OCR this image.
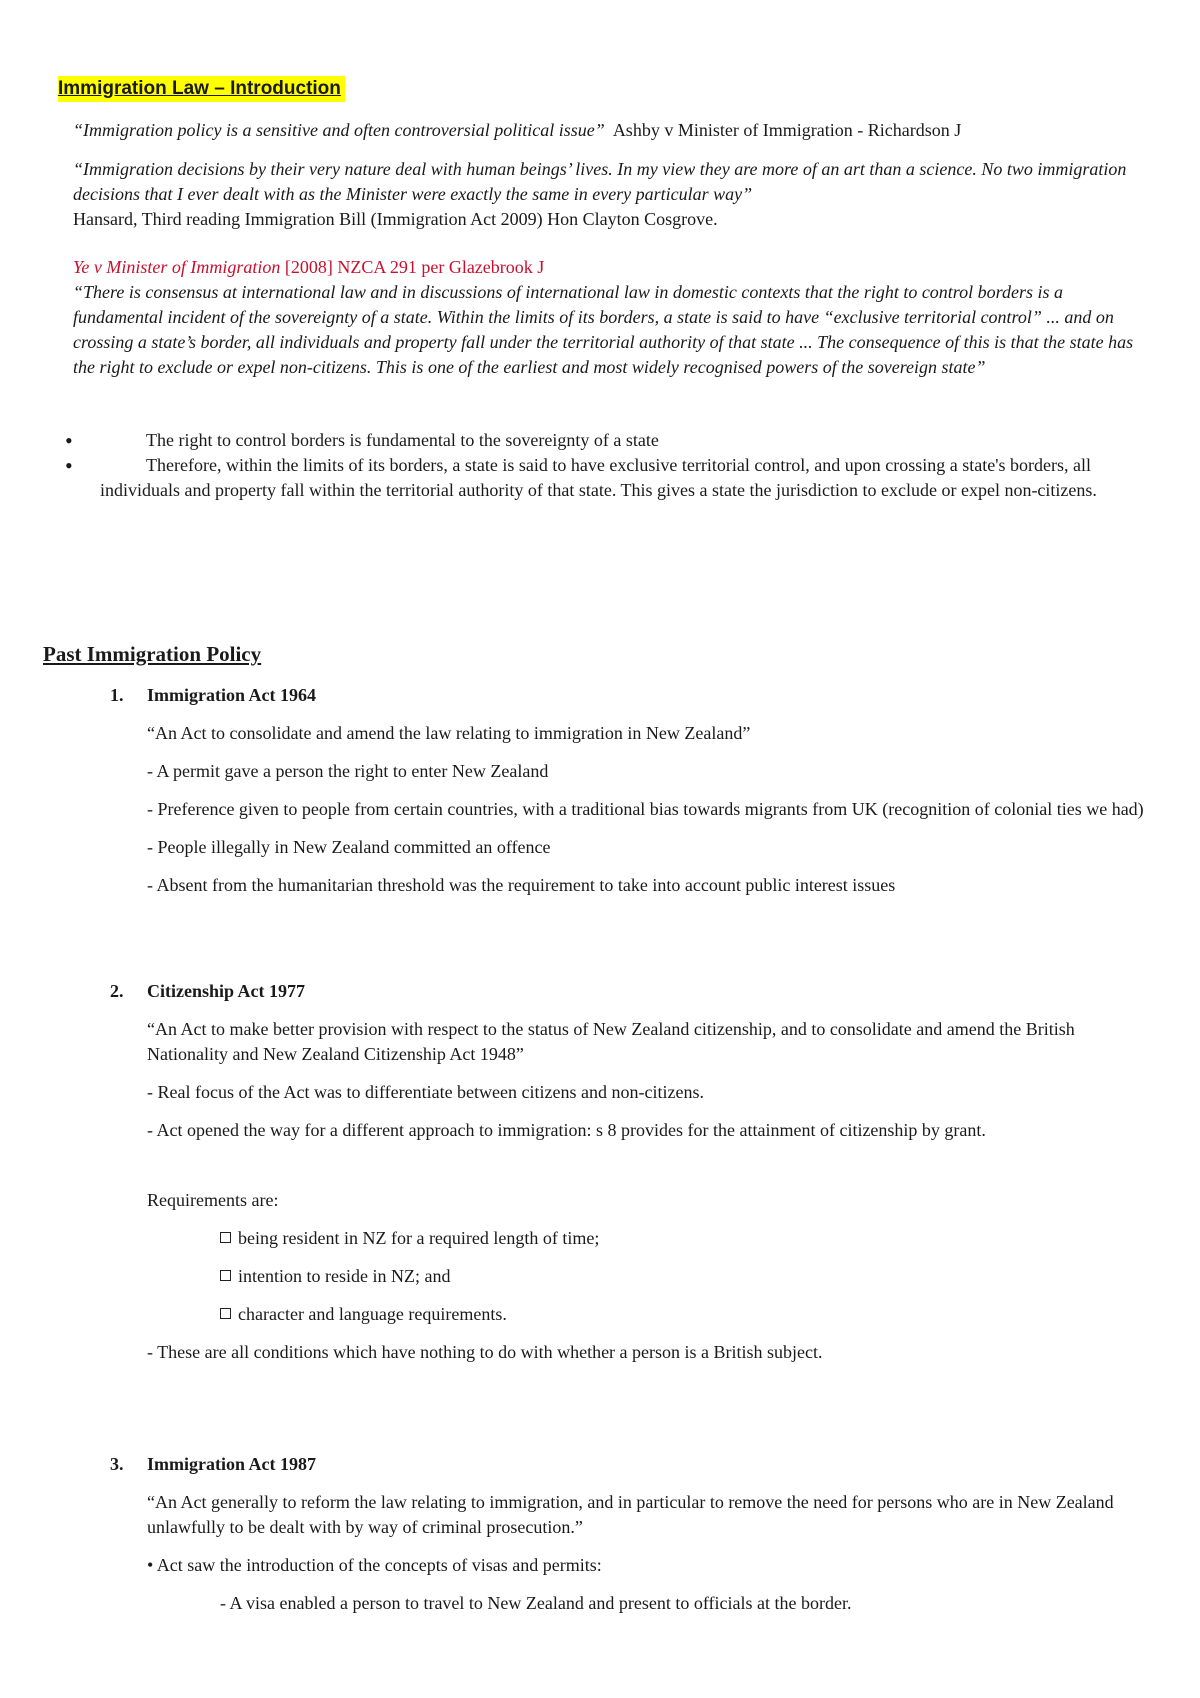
Immigration Law – Introduction
“Immigration policy is a sensitive and often controversial political issue” Ashby v Minister of Immigration - Richardson J

“Immigration decisions by their very nature deal with human beings’ lives. In my view they are more of an art than a science. No two immigration decisions that I ever dealt with as the Minister were exactly the same in every particular way”

Hansard, Third reading Immigration Bill (Immigration Act 2009) Hon Clayton Cosgrove.

Ye v Minister of Immigration [2008] NZCA 291 per Glazebrook J

“There is consensus at international law and in discussions of international law in domestic contexts that the right to control borders is a fundamental incident of the sovereignty of a state. Within the limits of its borders, a state is said to have “exclusive territorial control” ... and on crossing a state’s border, all individuals and property fall under the territorial authority of that state ... The consequence of this is that the state has the right to exclude or expel non-citizens. This is one of the earliest and most widely recognised powers of the sovereign state”

•	The right to control borders is fundamental to the sovereignty of a state

•	Therefore, within the limits of its borders, a state is said to have exclusive territorial control, and upon crossing a state's borders, all individuals and property fall within the territorial authority of that state. This gives a state the jurisdiction to exclude or expel non-citizens.

Past Immigration Policy
1. Immigration Act 1964

“An Act to consolidate and amend the law relating to immigration in New Zealand”

- A permit gave a person the right to enter New Zealand

- Preference given to people from certain countries, with a traditional bias towards migrants from UK (recognition of colonial ties we had)

- People illegally in New Zealand committed an offence

- Absent from the humanitarian threshold was the requirement to take into account public interest issues

2. Citizenship Act 1977

“An Act to make better provision with respect to the status of New Zealand citizenship, and to consolidate and amend the British Nationality and New Zealand Citizenship Act 1948”

- Real focus of the Act was to differentiate between citizens and non-citizens.

- Act opened the way for a different approach to immigration: s 8 provides for the attainment of citizenship by grant.

Requirements are:

being resident in NZ for a required length of time;

intention to reside in NZ; and

character and language requirements.

- These are all conditions which have nothing to do with whether a person is a British subject.

3. Immigration Act 1987

“An Act generally to reform the law relating to immigration, and in particular to remove the need for persons who are in New Zealand unlawfully to be dealt with by way of criminal prosecution.”

• Act saw the introduction of the concepts of visas and permits:

- A visa enabled a person to travel to New Zealand and present to officials at the border.
